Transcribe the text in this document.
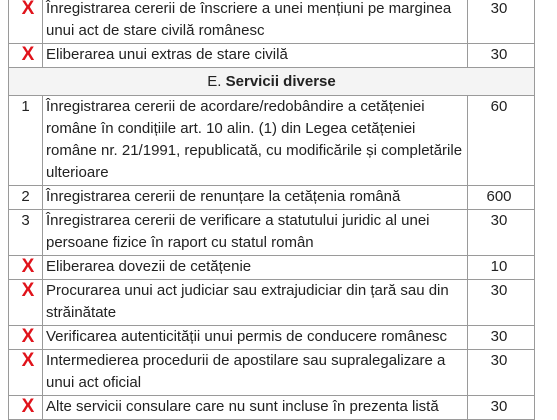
X	Înregistrarea cererii de înscriere a unei mențiuni pe marginea unui act de stare civilă românesc	30
X	Eliberarea unui extras de stare civilă	30
E. Servicii diverse		
1	Înregistrarea cererii de acordare/redobândire a cetățeniei române în condițiile art. 10 alin. (1) din Legea cetățeniei române nr. 21/1991, republicată, cu modificările și completările ulterioare	60
2	Înregistrarea cererii de renunțare la cetățenia română	600
3	Înregistrarea cererii de verificare a statutului juridic al unei persoane fizice în raport cu statul român	30
X	Eliberarea dovezii de cetățenie	10
X	Procurarea unui act judiciar sau extrajudiciar din țară sau din străinătate	30
X	Verificarea autenticității unui permis de conducere românesc	30
X	Intermedierea procedurii de apostilare sau supralegalizare a unui act oficial	30
X	Alte servicii consulare care nu sunt incluse în prezenta listă	30
